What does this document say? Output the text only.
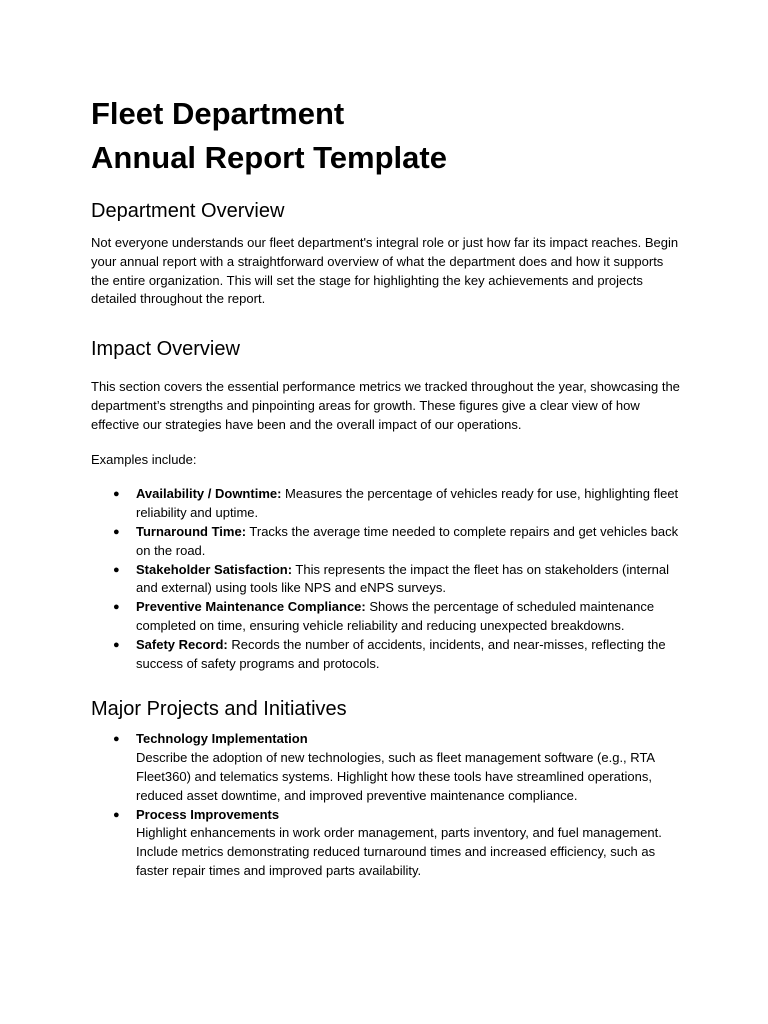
Fleet Department
Annual Report Template
Department Overview

Not everyone understands our fleet department's integral role or just how far its impact reaches. Begin your annual report with a straightforward overview of what the department does and how it supports the entire organization. This will set the stage for highlighting the key achievements and projects detailed throughout the report.

Impact Overview

This section covers the essential performance metrics we tracked throughout the year, showcasing the department’s strengths and pinpointing areas for growth. These figures give a clear view of how effective our strategies have been and the overall impact of our operations.

Examples include:

● Availability / Downtime: Measures the percentage of vehicles ready for use, highlighting fleet reliability and uptime.
● Turnaround Time: Tracks the average time needed to complete repairs and get vehicles back on the road.
● Stakeholder Satisfaction: This represents the impact the fleet has on stakeholders (internal and external) using tools like NPS and eNPS surveys.
● Preventive Maintenance Compliance: Shows the percentage of scheduled maintenance completed on time, ensuring vehicle reliability and reducing unexpected breakdowns.
● Safety Record: Records the number of accidents, incidents, and near-misses, reflecting the success of safety programs and protocols.
Major Projects and Initiatives
● Technology Implementation
Describe the adoption of new technologies, such as fleet management software (e.g., RTA Fleet360) and telematics systems. Highlight how these tools have streamlined operations, reduced asset downtime, and improved preventive maintenance compliance.
● Process Improvements
Highlight enhancements in work order management, parts inventory, and fuel management. Include metrics demonstrating reduced turnaround times and increased efficiency, such as faster repair times and improved parts availability.
